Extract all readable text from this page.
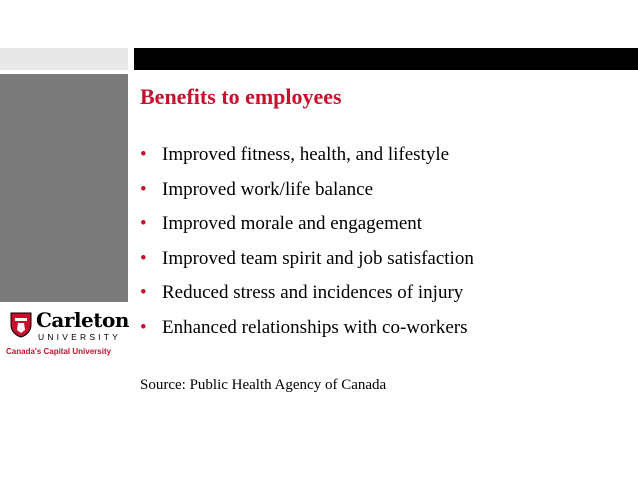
Carleton
UNIVERSITY
Canada's Capital University
Benefits to employees
• Improved fitness, health, and lifestyle
• Improved work/life balance
• Improved morale and engagement
• Improved team spirit and job satisfaction
• Reduced stress and incidences of injury
• Enhanced relationships with co-workers
Source: Public Health Agency of Canada
